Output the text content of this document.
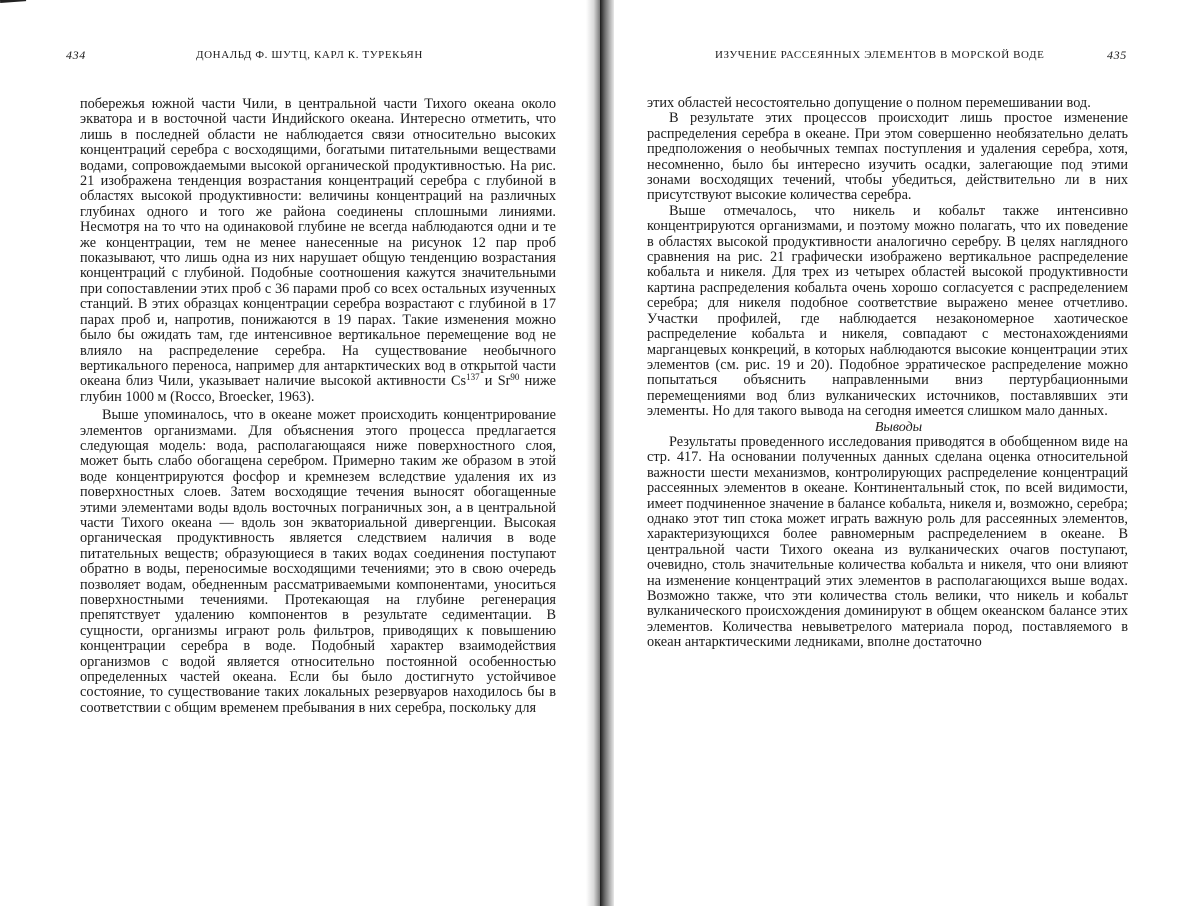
434	ДОНАЛЬД Ф. ШУТЦ, КАРЛ К. ТУРЕКЬЯН

побережья южной части Чили, в центральной части Тихого океана около экватора и в восточной части Индийского океана. Интересно отметить, что лишь в последней области не наблюдается связи относительно высоких концентраций серебра с восходящими, богатыми питательными веществами водами, сопровождаемыми высокой органической продуктивностью. На рис. 21 изображена тенденция возрастания концентраций серебра с глубиной в областях высокой продуктивности: величины концентраций на различных глубинах одного и того же района соединены сплошными линиями. Несмотря на то что на одинаковой глубине не всегда наблюдаются одни и те же концентрации, тем не менее нанесенные на рисунок 12 пар проб показывают, что лишь одна из них нарушает общую тенденцию возрастания концентраций с глубиной. Подобные соотношения кажутся значительными при сопоставлении этих проб с 36 парами проб со всех остальных изученных станций. В этих образцах концентрации серебра возрастают с глубиной в 17 парах проб и, напротив, понижаются в 19 парах. Такие изменения можно было бы ожидать там, где интенсивное вертикальное перемещение вод не влияло на распределение серебра. На существование необычного вертикального переноса, например для антарктических вод в открытой части океана близ Чили, указывает наличие высокой активности Cs$^{137}$ и Sr$^{90}$ ниже глубин 1000 м (Rocco, Broecker, 1963).

Выше упоминалось, что в океане может происходить концентрирование элементов организмами. Для объяснения этого процесса предлагается следующая модель: вода, располагающаяся ниже поверхностного слоя, может быть слабо обогащена серебром. Примерно таким же образом в этой воде концентрируются фосфор и кремнезем вследствие удаления их из поверхностных слоев. Затем восходящие течения выносят обогащенные этими элементами воды вдоль восточных пограничных зон, а в центральной части Тихого океана — вдоль зон экваториальной дивергенции. Высокая органическая продуктивность является следствием наличия в воде питательных веществ; образующиеся в таких водах соединения поступают обратно в воды, переносимые восходящими течениями; это в свою очередь позволяет водам, обедненным рассматриваемыми компонентами, уноситься поверхностными течениями. Протекающая на глубине регенерация препятствует удалению компонентов в результате седиментации. В сущности, организмы играют роль фильтров, приводящих к повышению концентрации серебра в воде. Подобный характер взаимодействия организмов с водой является относительно постоянной особенностью определенных частей океана. Если бы было достигнуто устойчивое состояние, то существование таких локальных резервуаров находилось бы в соответствии с общим временем пребывания в них серебра, поскольку для

ИЗУЧЕНИЕ РАССЕЯННЫХ ЭЛЕМЕНТОВ В МОРСКОЙ ВОДЕ	435

этих областей несостоятельно допущение о полном перемешивании вод.

В результате этих процессов происходит лишь простое изменение распределения серебра в океане. При этом совершенно необязательно делать предположения о необычных темпах поступления и удаления серебра, хотя, несомненно, было бы интересно изучить осадки, залегающие под этими зонами восходящих течений, чтобы убедиться, действительно ли в них присутствуют высокие количества серебра.

Выше отмечалось, что никель и кобальт также интенсивно концентрируются организмами, и поэтому можно полагать, что их поведение в областях высокой продуктивности аналогично серебру. В целях наглядного сравнения на рис. 21 графически изображено вертикальное распределение кобальта и никеля. Для трех из четырех областей высокой продуктивности картина распределения кобальта очень хорошо согласуется с распределением серебра; для никеля подобное соответствие выражено менее отчетливо. Участки профилей, где наблюдается незакономерное хаотическое распределение кобальта и никеля, совпадают с местонахождениями марганцевых конкреций, в которых наблюдаются высокие концентрации этих элементов (см. рис. 19 и 20). Подобное эрратическое распределение можно попытаться объяснить направленными вниз пертурбационными перемещениями вод близ вулканических источников, поставлявших эти элементы. Но для такого вывода на сегодня имеется слишком мало данных.

Выводы

Результаты проведенного исследования приводятся в обобщенном виде на стр. 417. На основании полученных данных сделана оценка относительной важности шести механизмов, контролирующих распределение концентраций рассеянных элементов в океане. Континентальный сток, по всей видимости, имеет подчиненное значение в балансе кобальта, никеля и, возможно, серебра; однако этот тип стока может играть важную роль для рассеянных элементов, характеризующихся более равномерным распределением в океане. В центральной части Тихого океана из вулканических очагов поступают, очевидно, столь значительные количества кобальта и никеля, что они влияют на изменение концентраций этих элементов в располагающихся выше водах. Возможно также, что эти количества столь велики, что никель и кобальт вулканического происхождения доминируют в общем океанском балансе этих элементов. Количества невыветрелого материала пород, поставляемого в океан антарктическими ледниками, вполне достаточно
